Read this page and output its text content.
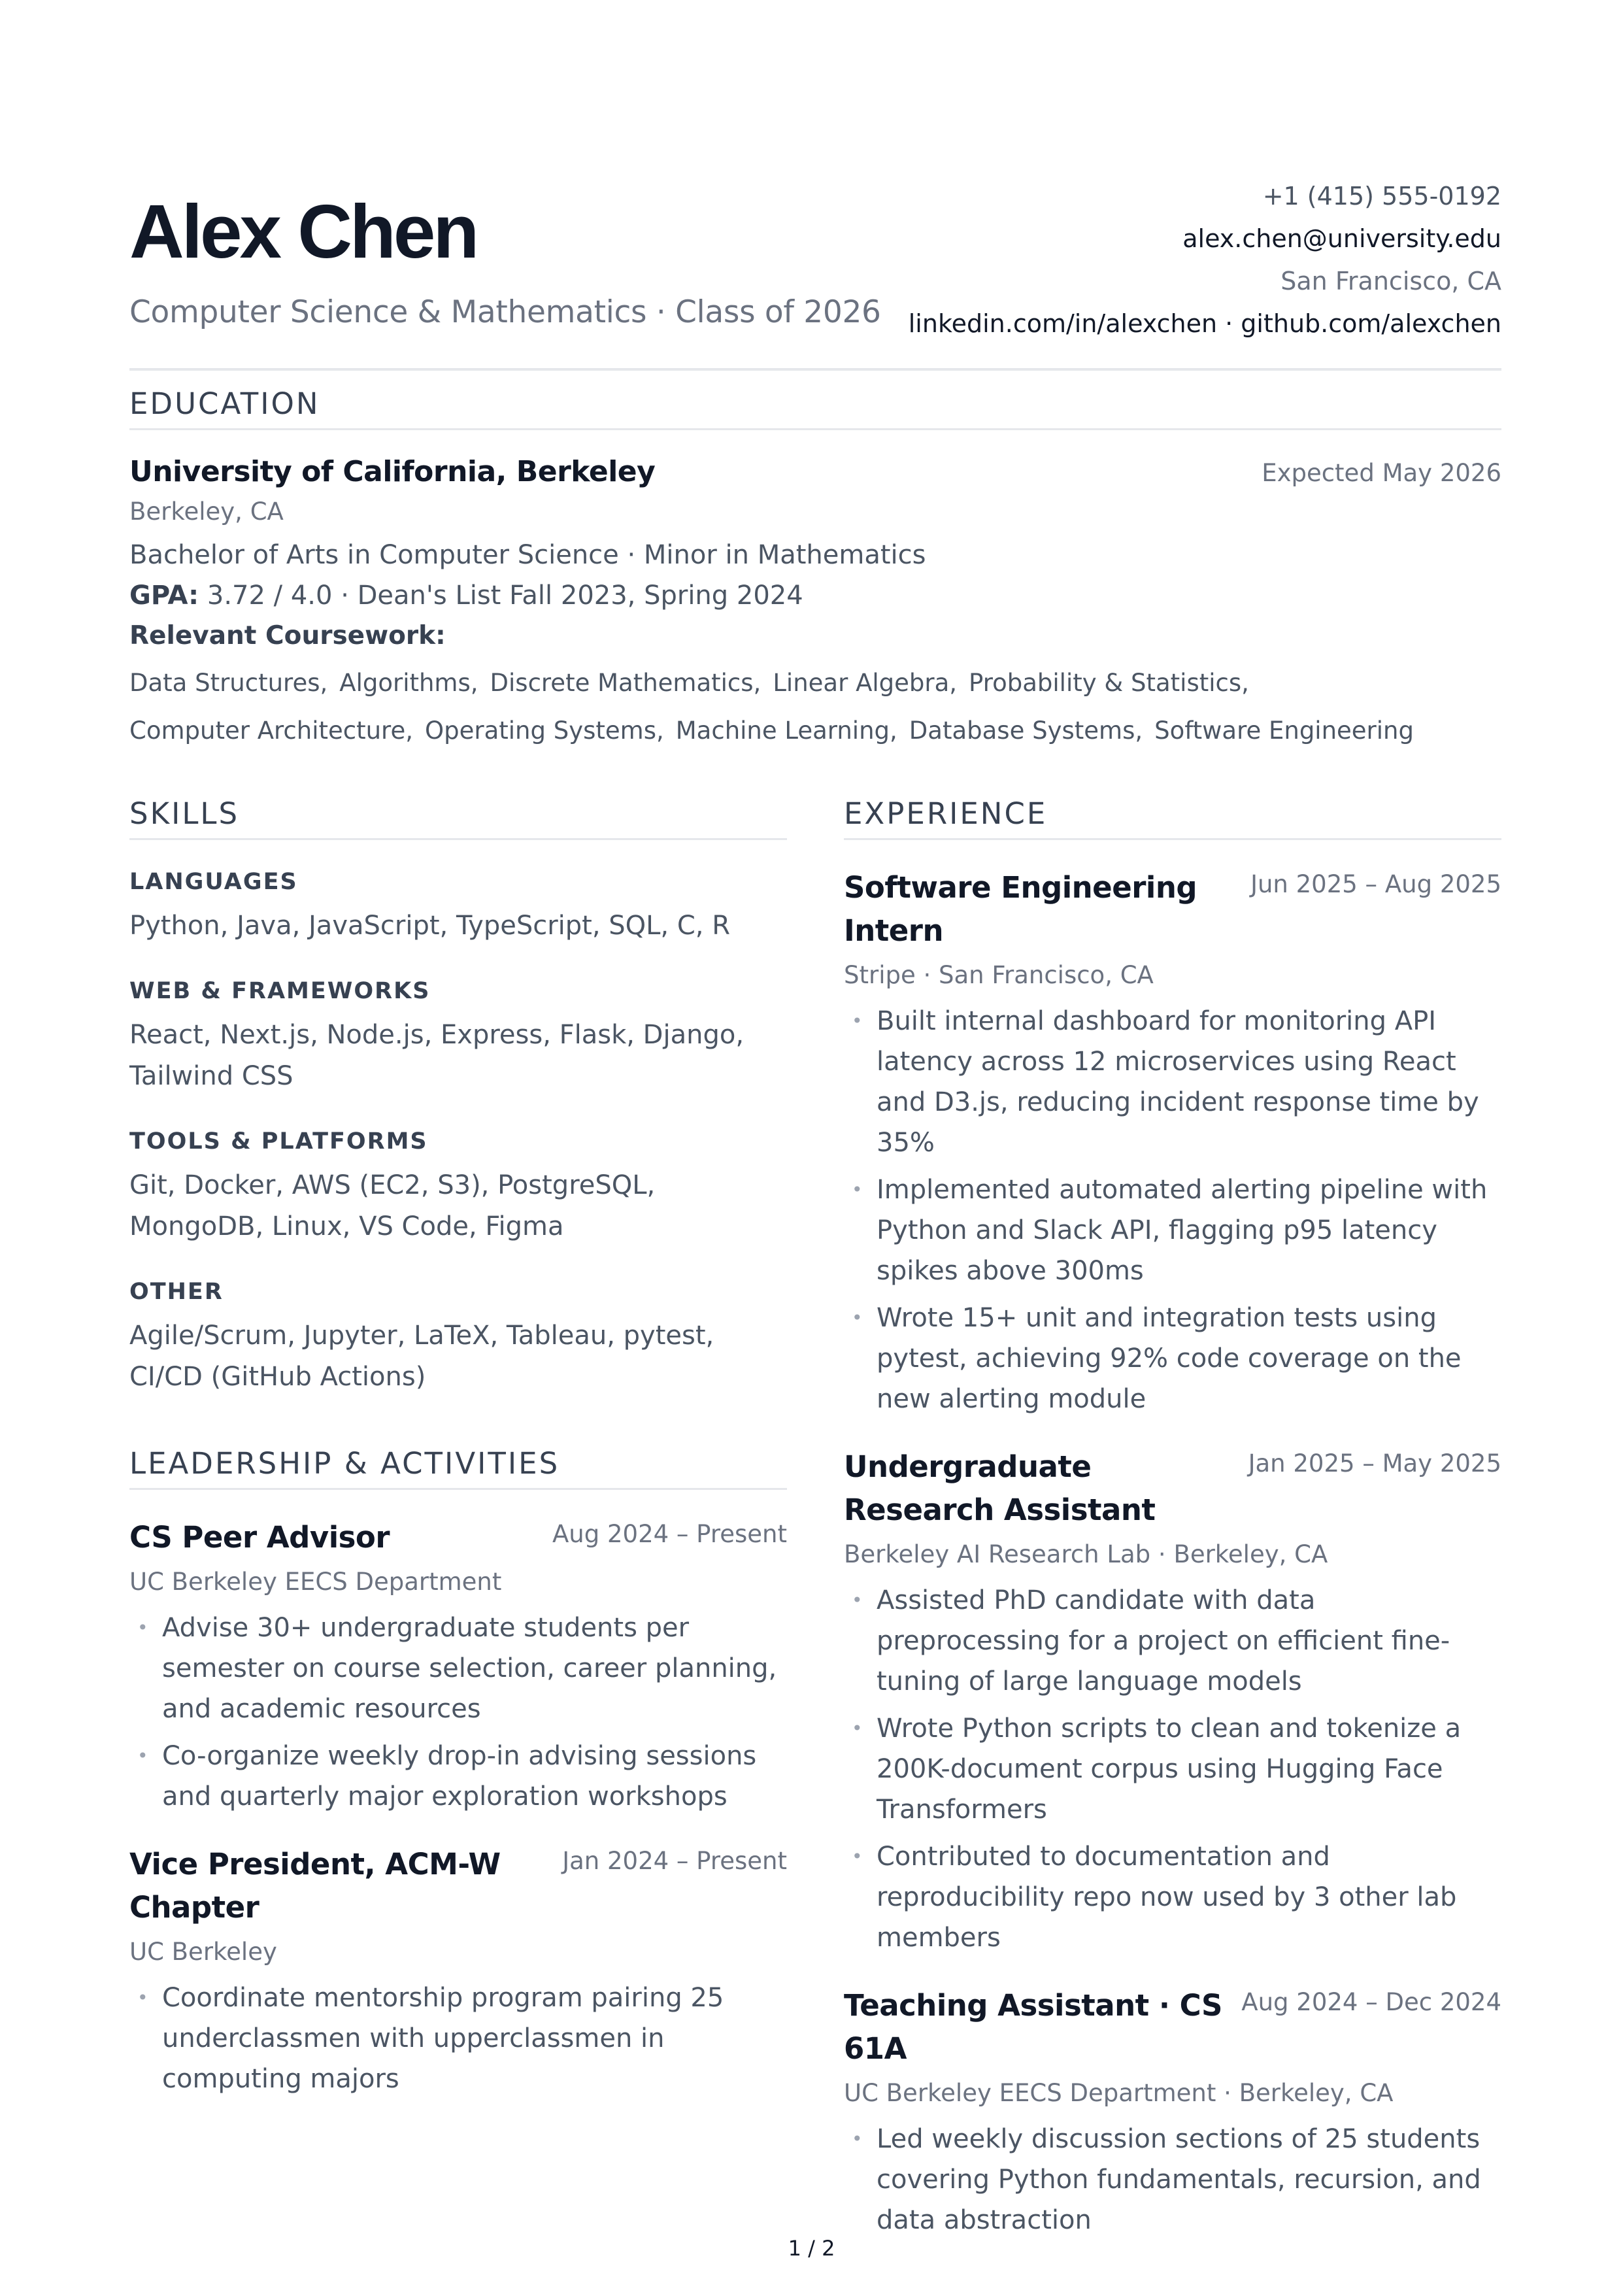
Alex Chen
Computer Science & Mathematics · Class of 2026
+1 (415) 555-0192
alex.chen@university.edu
San Francisco, CA
linkedin.com/in/alexchen · github.com/alexchen
EDUCATION
University of California, Berkeley	Expected May 2026
Berkeley, CA
Bachelor of Arts in Computer Science · Minor in Mathematics
GPA: 3.72 / 4.0 · Dean's List Fall 2023, Spring 2024
Relevant Coursework:
Data Structures, Algorithms, Discrete Mathematics, Linear Algebra, Probability & Statistics,
Computer Architecture, Operating Systems, Machine Learning, Database Systems, Software Engineering
SKILLS
LANGUAGES
Python, Java, JavaScript, TypeScript, SQL, C, R
WEB & FRAMEWORKS
React, Next.js, Node.js, Express, Flask, Django, Tailwind CSS
TOOLS & PLATFORMS
Git, Docker, AWS (EC2, S3), PostgreSQL, MongoDB, Linux, VS Code, Figma
OTHER
Agile/Scrum, Jupyter, LaTeX, Tableau, pytest, CI/CD (GitHub Actions)
LEADERSHIP & ACTIVITIES
CS Peer Advisor	Aug 2024 – Present
UC Berkeley EECS Department
• Advise 30+ undergraduate students per semester on course selection, career planning, and academic resources
• Co-organize weekly drop-in advising sessions and quarterly major exploration workshops
Vice President, ACM-W Chapter
Jan 2024 – Present
UC Berkeley
• Coordinate mentorship program pairing 25 underclassmen with upperclassmen in computing majors
EXPERIENCE
Software Engineering Intern
Jun 2025 – Aug 2025
Stripe · San Francisco, CA
• Built internal dashboard for monitoring API latency across 12 microservices using React and D3.js, reducing incident response time by 35%
• Implemented automated alerting pipeline with Python and Slack API, flagging p95 latency spikes above 300ms
• Wrote 15+ unit and integration tests using pytest, achieving 92% code coverage on the new alerting module
Undergraduate Research Assistant
Jan 2025 – May 2025
Berkeley AI Research Lab · Berkeley, CA
• Assisted PhD candidate with data preprocessing for a project on efficient fine-tuning of large language models
• Wrote Python scripts to clean and tokenize a 200K-document corpus using Hugging Face Transformers
• Contributed to documentation and reproducibility repo now used by 3 other lab members
Teaching Assistant · CS 61A
Aug 2024 – Dec 2024
UC Berkeley EECS Department · Berkeley, CA
• Led weekly discussion sections of 25 students covering Python fundamentals, recursion, and data abstraction
1 / 2
